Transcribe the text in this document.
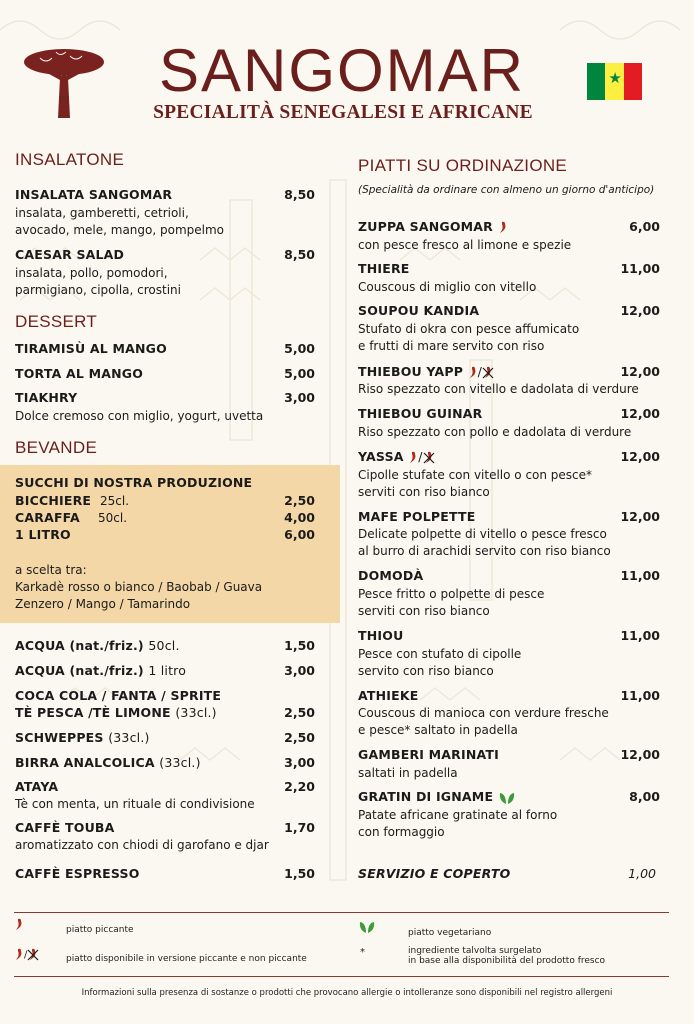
SANGOMAR
SPECIALITÀ SENEGALESI E AFRICANE
★
INSALATONE
INSALATA SANGOMAR	8,50
insalata, gamberetti, cetrioli,
avocado, mele, mango, pompelmo
CAESAR SALAD	8,50
insalata, pollo, pomodori,
parmigiano, cipolla, crostini
DESSERT
TIRAMISÙ AL MANGO	5,00
TORTA AL MANGO	5,00
TIAKHRY	3,00
Dolce cremoso con miglio, yogurt, uvetta
BEVANDE
SUCCHI DI NOSTRA PRODUZIONE
BICCHIERE 25cl.	2,50
CARAFFA 50cl.	4,00
1 LITRO	6,00
a scelta tra:
Karkadè rosso o bianco / Baobab / Guava
Zenzero / Mango / Tamarindo
ACQUA (nat./friz.) 50cl.	1,50
ACQUA (nat./friz.) 1 litro	3,00
COCA COLA / FANTA / SPRITE
TÈ PESCA /TÈ LIMONE (33cl.)	2,50
SCHWEPPES (33cl.)	2,50
BIRRA ANALCOLICA (33cl.)	3,00
ATAYA	2,20
Tè con menta, un rituale di condivisione
CAFFÈ TOUBA	1,70
aromatizzato con chiodi di garofano e djar
CAFFÈ ESPRESSO	1,50
PIATTI SU ORDINAZIONE
(Specialità da ordinare con almeno un giorno d'anticipo)
ZUPPA SANGOMAR	6,00
con pesce fresco al limone e spezie
THIERE	11,00
Couscous di miglio con vitello
SOUPOU KANDIA	12,00
Stufato di okra con pesce affumicato
e frutti di mare servito con riso
THIEBOU YAPP /	12,00
Riso spezzato con vitello e dadolata di verdure
THIEBOU GUINAR	12,00
Riso spezzato con pollo e dadolata di verdure
YASSA /	12,00
Cipolle stufate con vitello o con pesce*
serviti con riso bianco
MAFE POLPETTE	12,00
Delicate polpette di vitello o pesce fresco
al burro di arachidi servito con riso bianco
DOMODÀ	11,00
Pesce fritto o polpette di pesce
serviti con riso bianco
THIOU	11,00
Pesce con stufato di cipolle
servito con riso bianco
ATHIEKE	11,00
Couscous di manioca con verdure fresche
e pesce* saltato in padella
GAMBERI MARINATI	12,00
saltati in padella
GRATIN DI IGNAME	8,00
Patate africane gratinate al forno
con formaggio
SERVIZIO E COPERTO	1,00
piatto piccante
/	piatto disponibile in versione piccante e non piccante
piatto vegetariano
*	ingrediente talvolta surgelato
in base alla disponibilità del prodotto fresco
Informazioni sulla presenza di sostanze o prodotti che provocano allergie o intolleranze sono disponibili nel registro allergeni
